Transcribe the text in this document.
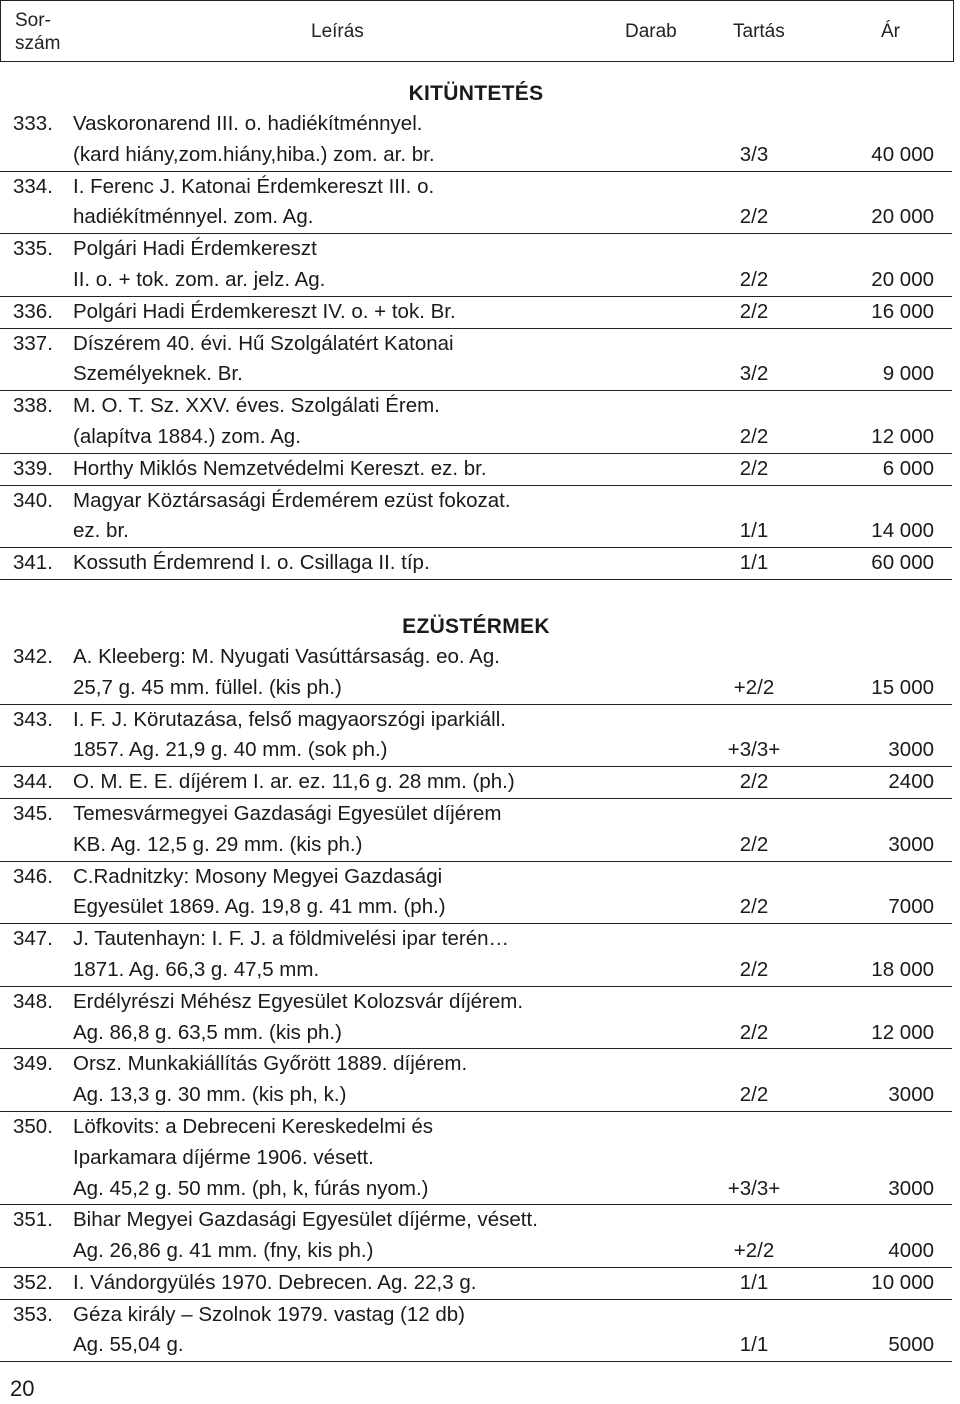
Sor-
szám
Leírás	Darab	Tartás	Ár
KITÜNTETÉS
333. Vaskoronarend III. o. hadiékítménnyel.
(kard hiány,zom.hiány,hiba.) zom. ar. br.	3/3	40 000
334. I. Ferenc J. Katonai Érdemkereszt III. o.
hadiékítménnyel. zom. Ag.	2/2	20 000
335. Polgári Hadi Érdemkereszt
II. o. + tok. zom. ar. jelz. Ag.	2/2	20 000
336. Polgári Hadi Érdemkereszt IV. o. + tok. Br.	2/2	16 000
337. Díszérem 40. évi. Hű Szolgálatért Katonai
Személyeknek. Br.	3/2	9 000
338. M. O. T. Sz. XXV. éves. Szolgálati Érem.
(alapítva 1884.) zom. Ag.	2/2	12 000
339. Horthy Miklós Nemzetvédelmi Kereszt. ez. br.	2/2	6 000
340. Magyar Köztársasági Érdemérem ezüst fokozat.
ez. br.	1/1	14 000
341. Kossuth Érdemrend I. o. Csillaga II. típ.	1/1	60 000
EZÜSTÉRMEK
342. A. Kleeberg: M. Nyugati Vasúttársaság. eo. Ag.
25,7 g. 45 mm. füllel. (kis ph.)	+2/2	15 000
343. I. F. J. Körutazása, felső magyaorszógi iparkiáll.
1857. Ag. 21,9 g. 40 mm. (sok ph.)	+3/3+	3000
344. O. M. E. E. díjérem I. ar. ez. 11,6 g. 28 mm. (ph.)	2/2	2400
345. Temesvármegyei Gazdasági Egyesület díjérem
KB. Ag. 12,5 g. 29 mm. (kis ph.)	2/2	3000
346. C.Radnitzky: Mosony Megyei Gazdasági
Egyesület 1869. Ag. 19,8 g. 41 mm. (ph.)	2/2	7000
347. J. Tautenhayn: I. F. J. a földmivelési ipar terén…
1871. Ag. 66,3 g. 47,5 mm.	2/2	18 000
348. Erdélyrészi Méhész Egyesület Kolozsvár díjérem.
Ag. 86,8 g. 63,5 mm. (kis ph.)	2/2	12 000
349. Orsz. Munkakiállítás Győrött 1889. díjérem.
Ag. 13,3 g. 30 mm. (kis ph, k.)	2/2	3000
350. Löfkovits: a Debreceni Kereskedelmi és
Iparkamara díjérme 1906. vésett.
Ag. 45,2 g. 50 mm. (ph, k, fúrás nyom.)	+3/3+	3000
351. Bihar Megyei Gazdasági Egyesület díjérme, vésett.
Ag. 26,86 g. 41 mm. (fny, kis ph.)	+2/2	4000
352. I. Vándorgyülés 1970. Debrecen. Ag. 22,3 g.	1/1	10 000
353. Géza király – Szolnok 1979. vastag (12 db)
Ag. 55,04 g.	1/1	5000
20
